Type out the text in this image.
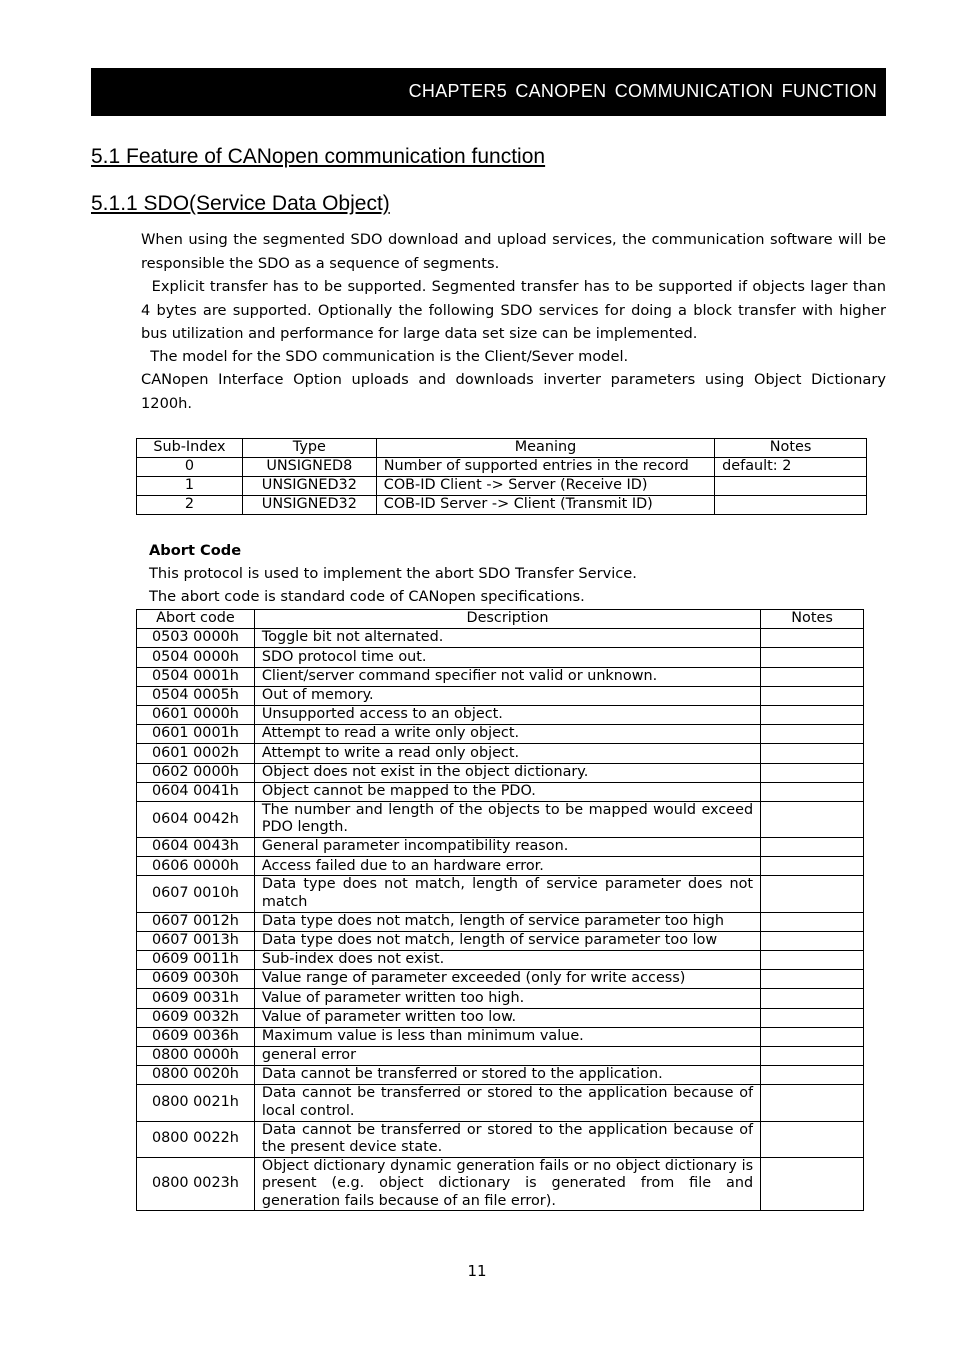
CHAPTER5 CANOPEN COMMUNICATION FUNCTION
5.1 Feature of CANopen communication function
5.1.1 SDO(Service Data Object)

When using the segmented SDO download and upload services, the communication software will be responsible the SDO as a sequence of segments.

Explicit transfer has to be supported. Segmented transfer has to be supported if objects lager than 4 bytes are supported. Optionally the following SDO services for doing a block transfer with higher bus utilization and performance for large data set size can be implemented.

The model for the SDO communication is the Client/Sever model.

CANopen Interface Option uploads and downloads inverter parameters using Object Dictionary 1200h.

Sub-Index	Type	Meaning	Notes
0	UNSIGNED8	Number of supported entries in the record	default: 2
1	UNSIGNED32	COB-ID Client -> Server (Receive ID)	
2	UNSIGNED32	COB-ID Server -> Client (Transmit ID)	

Abort Code

This protocol is used to implement the abort SDO Transfer Service.

The abort code is standard code of CANopen specifications.

Abort code	Description	Notes
0503 0000h	Toggle bit not alternated.	
0504 0000h	SDO protocol time out.	
0504 0001h	Client/server command specifier not valid or unknown.	
0504 0005h	Out of memory.	
0601 0000h	Unsupported access to an object.	
0601 0001h	Attempt to read a write only object.	
0601 0002h	Attempt to write a read only object.	
0602 0000h	Object does not exist in the object dictionary.	
0604 0041h	Object cannot be mapped to the PDO.	
0604 0042h	The number and length of the objects to be mapped would exceed PDO length.	
0604 0043h	General parameter incompatibility reason.	
0606 0000h	Access failed due to an hardware error.	
0607 0010h	Data type does not match, length of service parameter does not match	
0607 0012h	Data type does not match, length of service parameter too high	
0607 0013h	Data type does not match, length of service parameter too low	
0609 0011h	Sub-index does not exist.	
0609 0030h	Value range of parameter exceeded (only for write access)	
0609 0031h	Value of parameter written too high.	
0609 0032h	Value of parameter written too low.	
0609 0036h	Maximum value is less than minimum value.	
0800 0000h	general error	
0800 0020h	Data cannot be transferred or stored to the application.	
0800 0021h	Data cannot be transferred or stored to the application because of local control.	
0800 0022h	Data cannot be transferred or stored to the application because of the present device state.	
0800 0023h	Object dictionary dynamic generation fails or no object dictionary is present (e.g. object dictionary is generated from file and generation fails because of an file error).	

11
